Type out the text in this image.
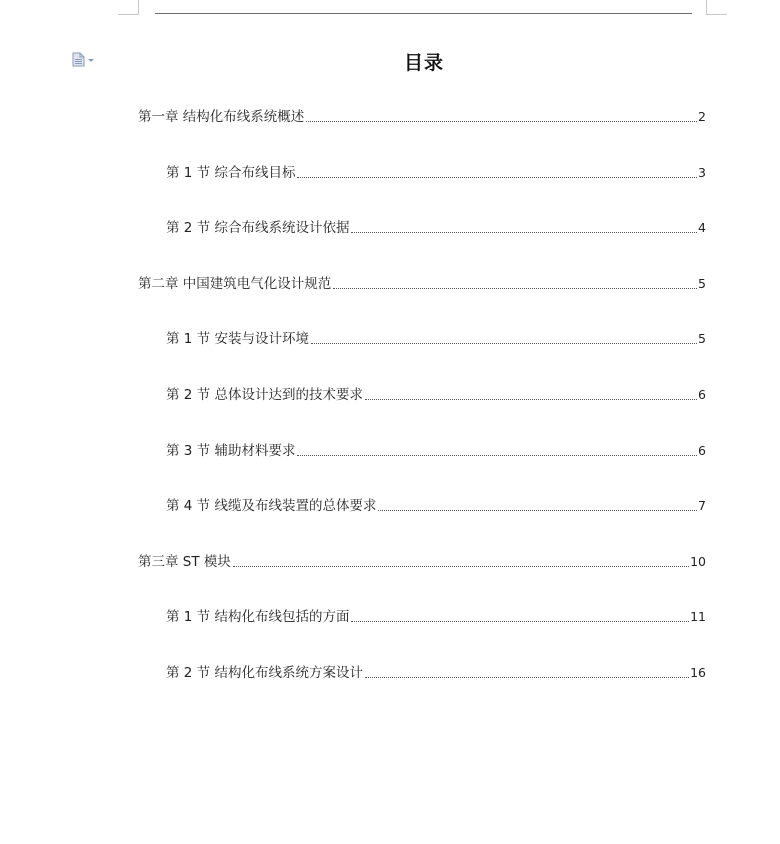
目录
第一章 结构化布线系统概述	2
第 1 节 综合布线目标	3
第 2 节 综合布线系统设计依据	4
第二章 中国建筑电气化设计规范	5
第 1 节 安装与设计环境	5
第 2 节 总体设计达到的技术要求	6
第 3 节 辅助材料要求	6
第 4 节 线缆及布线装置的总体要求	7
第三章 ST 模块	10
第 1 节 结构化布线包括的方面	11
第 2 节 结构化布线系统方案设计	16
